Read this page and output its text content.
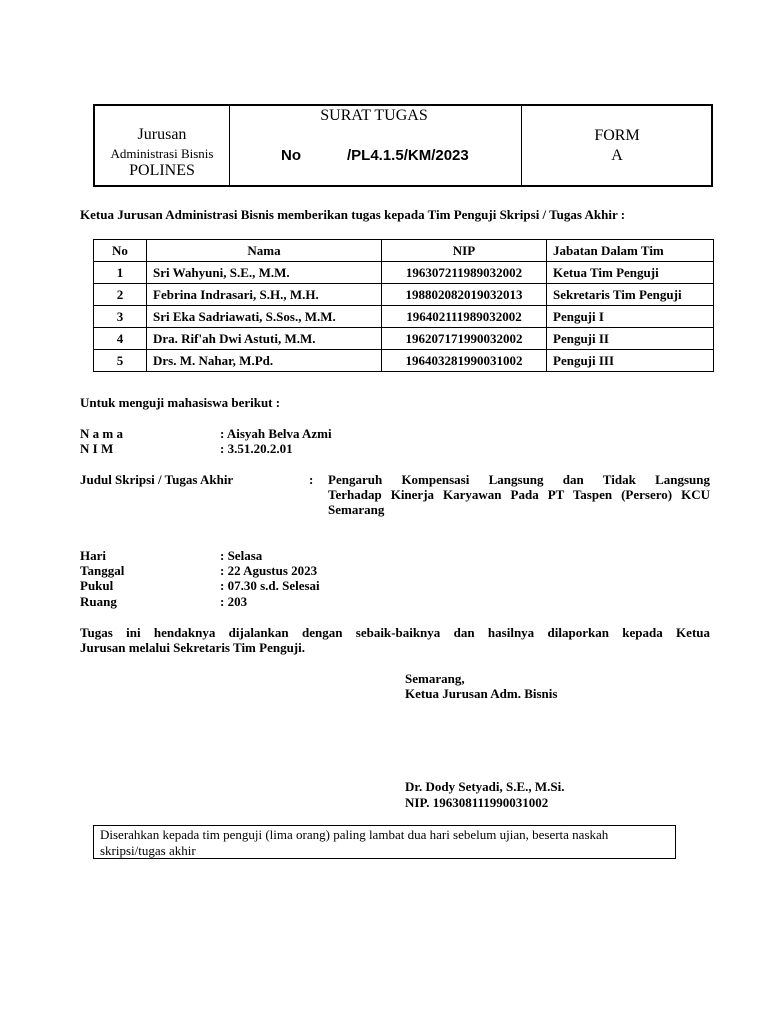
Jurusan
Administrasi Bisnis
POLINES
SURAT TUGAS
No	/PL4.1.5/KM/2023
FORM
A
Ketua Jurusan Administrasi Bisnis memberikan tugas kepada Tim Penguji Skripsi / Tugas Akhir :
No	Nama	NIP	Jabatan Dalam Tim
1	Sri Wahyuni, S.E., M.M.	196307211989032002	Ketua Tim Penguji
2	Febrina Indrasari, S.H., M.H.	198802082019032013	Sekretaris Tim Penguji
3	Sri Eka Sadriawati, S.Sos., M.M.	196402111989032002	Penguji I
4	Dra. Rif'ah Dwi Astuti, M.M.	196207171990032002	Penguji II
5	Drs. M. Nahar, M.Pd.	196403281990031002	Penguji III
Untuk menguji mahasiswa berikut :
N a m a	: Aisyah Belva Azmi
N I M	: 3.51.20.2.01
Judul Skripsi / Tugas Akhir	: Pengaruh Kompensasi Langsung dan Tidak Langsung
Terhadap Kinerja Karyawan Pada PT Taspen (Persero) KCU
Semarang
Hari	: Selasa
Tanggal	: 22 Agustus 2023
Pukul	: 07.30 s.d. Selesai
Ruang	: 203
Tugas ini hendaknya dijalankan dengan sebaik-baiknya dan hasilnya dilaporkan kepada Ketua
Jurusan melalui Sekretaris Tim Penguji.
Semarang,
Ketua Jurusan Adm. Bisnis
Dr. Dody Setyadi, S.E., M.Si.
NIP. 196308111990031002
Diserahkan kepada tim penguji (lima orang) paling lambat dua hari sebelum ujian, beserta naskah
skripsi/tugas akhir
